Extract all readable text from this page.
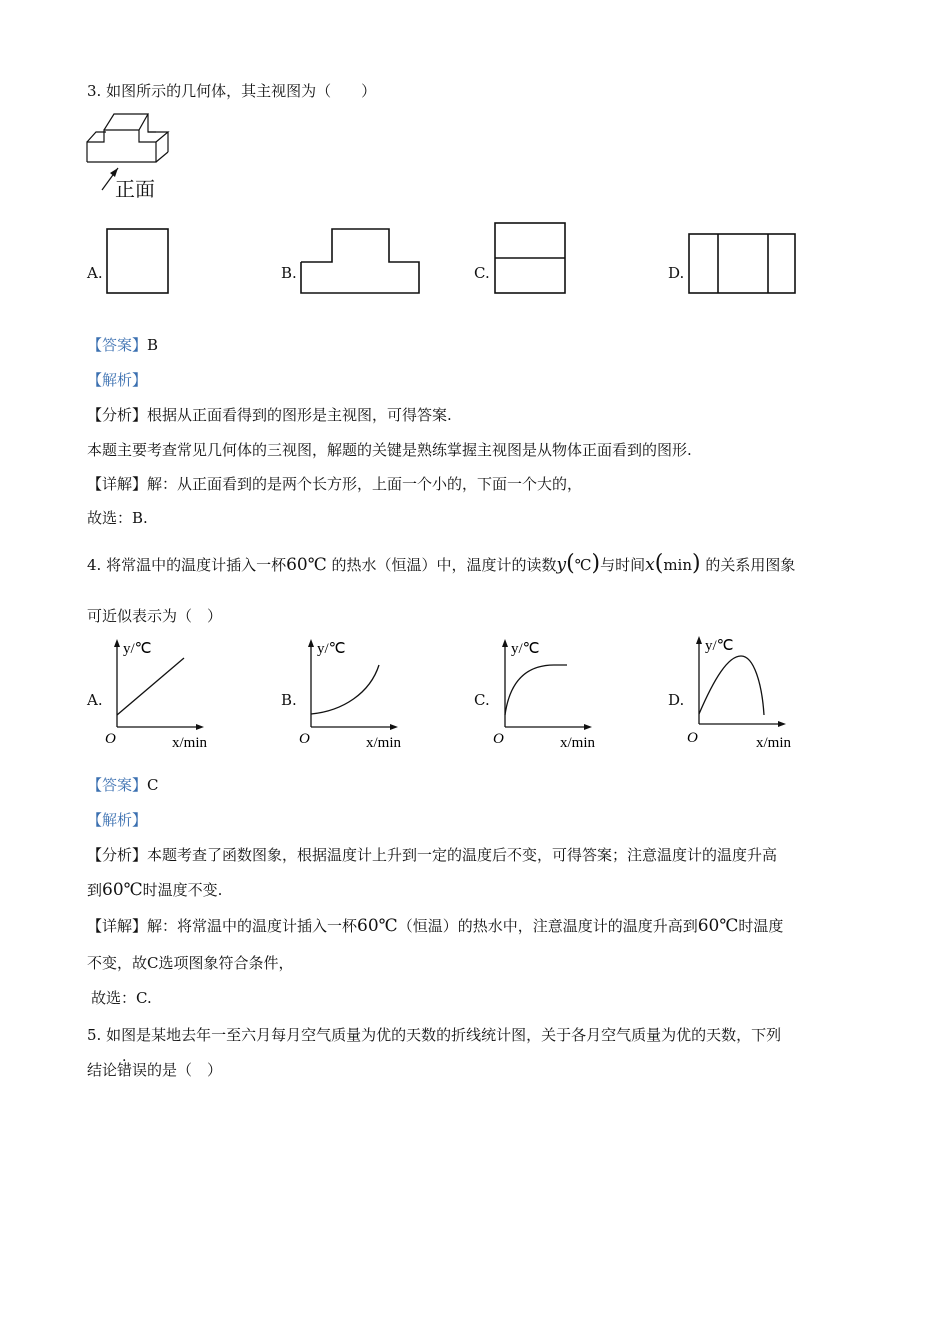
3. 如图所示的几何体，其主视图为（　　）
正面
A.	B.	C.	D.
【答案】B
【解析】
【分析】根据从正面看得到的图形是主视图，可得答案.
本题主要考查常见几何体的三视图，解题的关键是熟练掌握主视图是从物体正面看到的图形.
【详解】解：从正面看到的是两个长方形，上面一个小的，下面一个大的，
故选：B.
4. 将常温中的温度计插入一杯60℃ 的热水（恒温）中，温度计的读数y(℃)与时间x(min) 的关系用图象
可近似表示为（　）
A.
y/℃
x/min
O
B.
y/℃
x/min
O
C.
y/℃
x/min
O
D.
y/℃
x/min
O
【答案】C
【解析】
【分析】本题考查了函数图象，根据温度计上升到一定的温度后不变，可得答案；注意温度计的温度升高
到60℃时温度不变.
【详解】解：将常温中的温度计插入一杯60℃（恒温）的热水中，注意温度计的温度升高到60℃时温度
不变，故C选项图象符合条件，
故选：C.
5. 如图是某地去年一至六月每月空气质量为优的天数的折线统计图，关于各月空气质量为优的天数，下列
结论错误的是（　）
